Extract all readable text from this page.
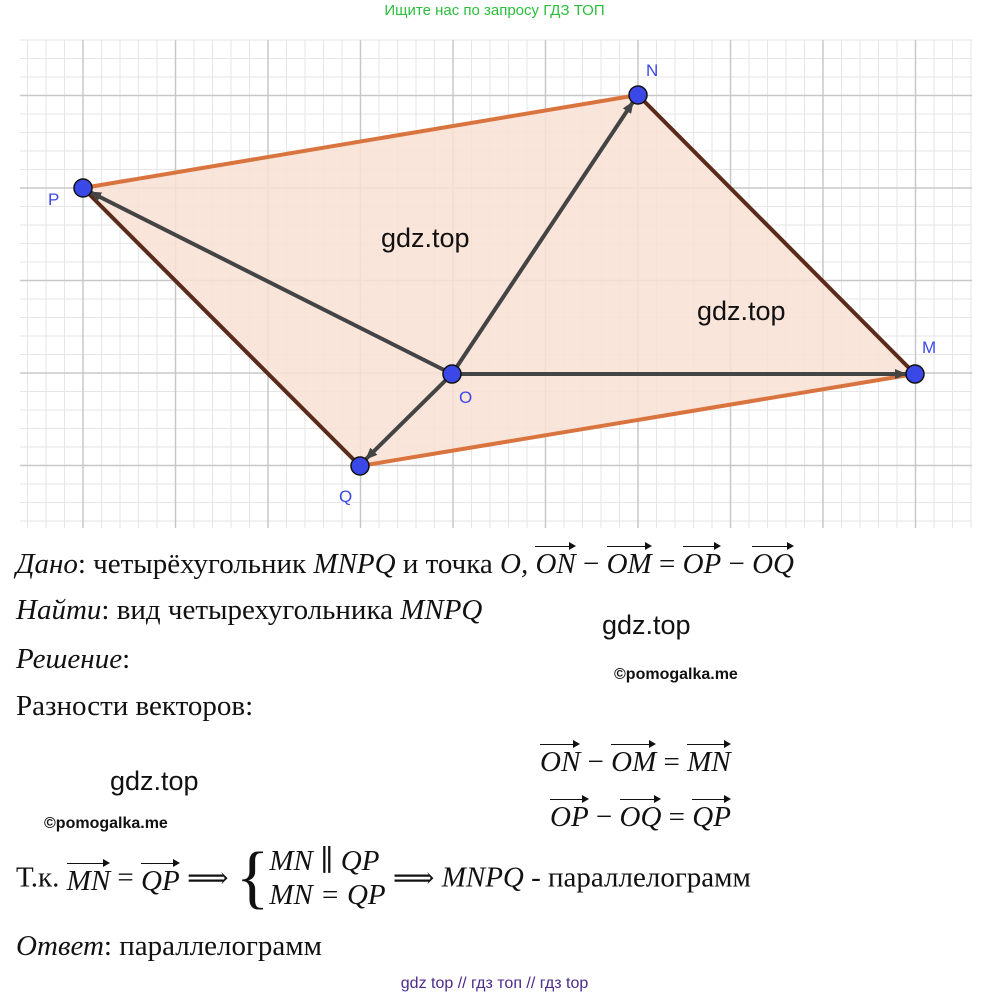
Ищите нас по запросу ГДЗ ТОП
N
P
M
O
Q
gdz.top
gdz.top
gdz.top
gdz.top
©pomogalka.me
©pomogalka.me
Дано: четырёхугольник MNPQ и точка O, ON − OM = OP − OQ
Найти: вид четырехугольника MNPQ
Решение:
Разности векторов:
ON − OM = MN
OP − OQ = QP
Т.к. MN = QP ⟹ {MN ∥ QP
MN = QP ⟹ MNPQ - параллелограмм
Ответ: параллелограмм
gdz top // гдз топ // гдз top
